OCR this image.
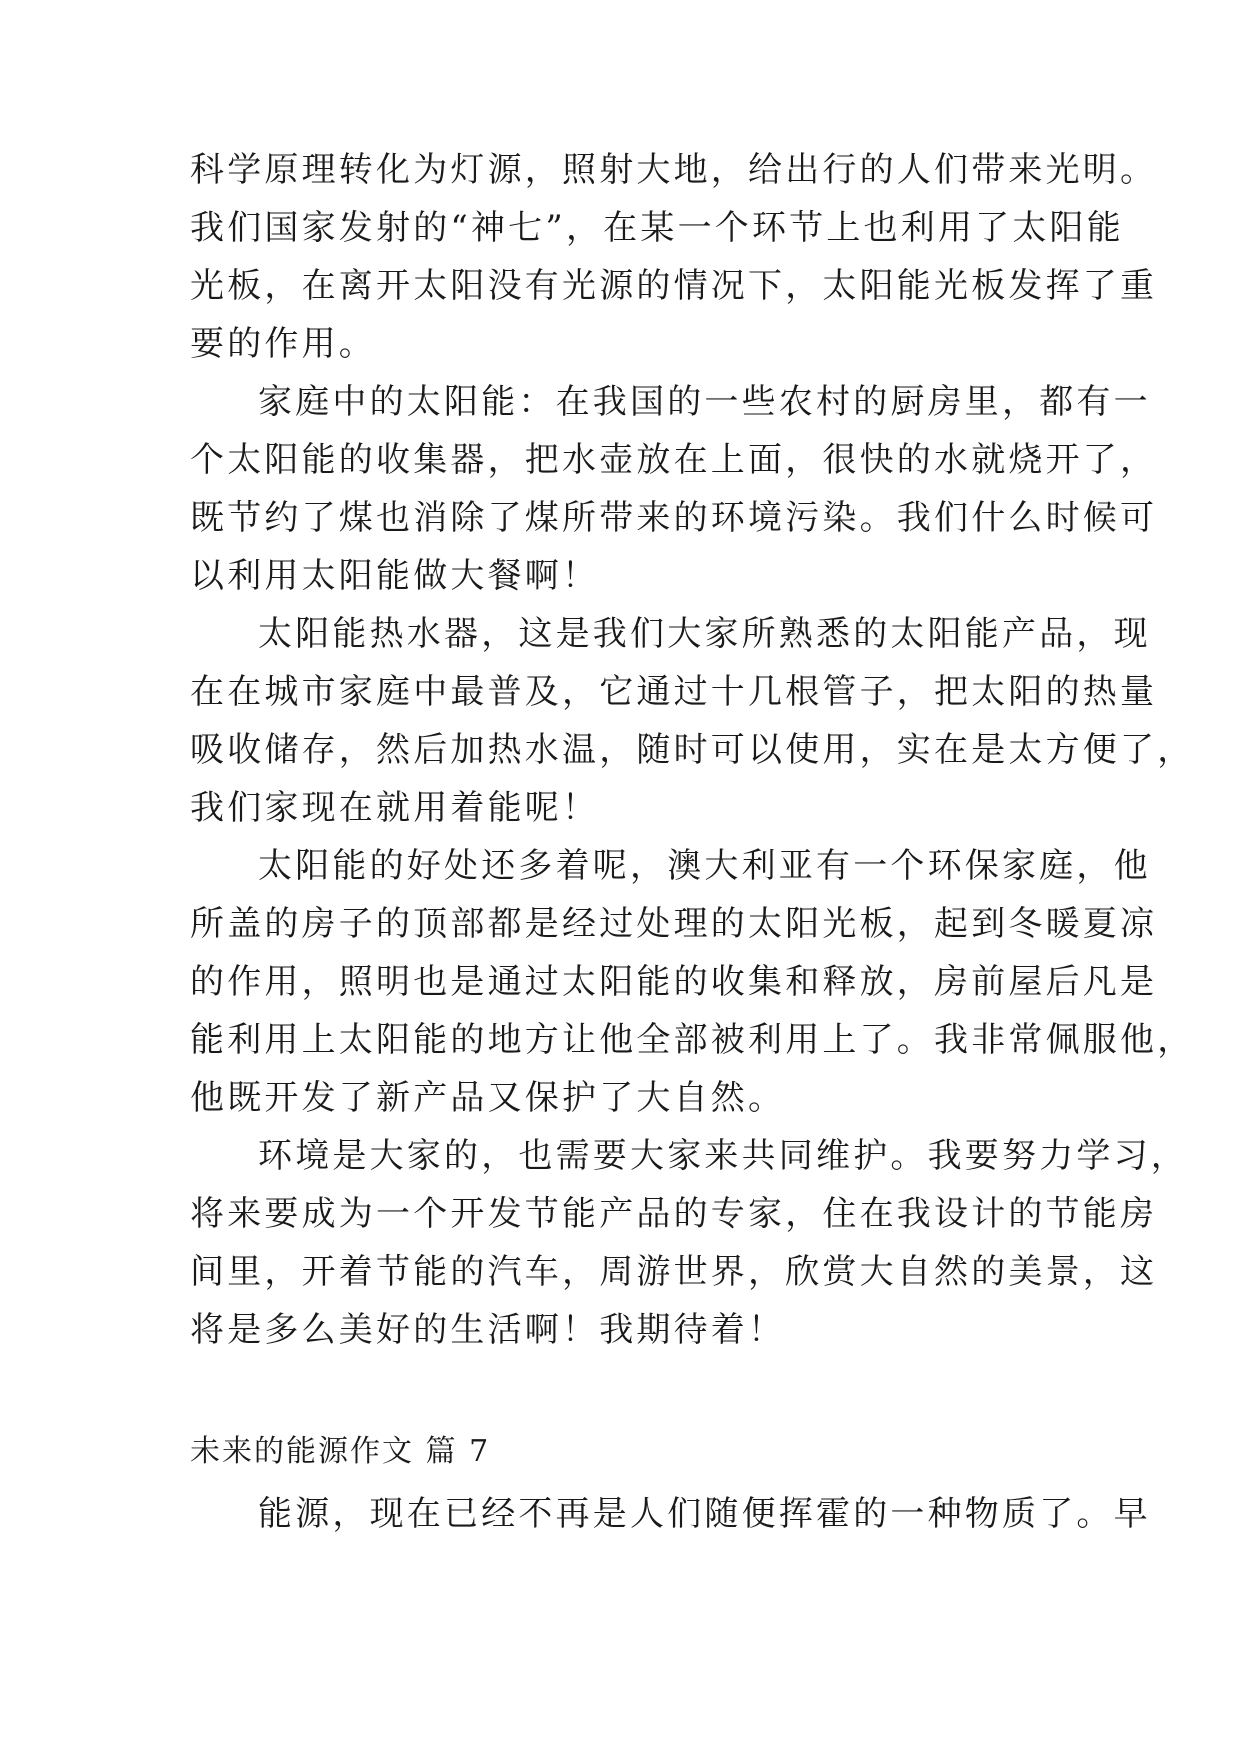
科学原理转化为灯源，照射大地，给出行的人们带来光明。
我们国家发射的“神七”，在某一个环节上也利用了太阳能
光板，在离开太阳没有光源的情况下，太阳能光板发挥了重
要的作用。
家庭中的太阳能：在我国的一些农村的厨房里，都有一
个太阳能的收集器，把水壶放在上面，很快的水就烧开了，
既节约了煤也消除了煤所带来的环境污染。我们什么时候可
以利用太阳能做大餐啊！
太阳能热水器，这是我们大家所熟悉的太阳能产品，现
在在城市家庭中最普及，它通过十几根管子，把太阳的热量
吸收储存，然后加热水温，随时可以使用，实在是太方便了，
我们家现在就用着能呢！
太阳能的好处还多着呢，澳大利亚有一个环保家庭，他
所盖的房子的顶部都是经过处理的太阳光板，起到冬暖夏凉
的作用，照明也是通过太阳能的收集和释放，房前屋后凡是
能利用上太阳能的地方让他全部被利用上了。我非常佩服他，
他既开发了新产品又保护了大自然。
环境是大家的，也需要大家来共同维护。我要努力学习，
将来要成为一个开发节能产品的专家，住在我设计的节能房
间里，开着节能的汽车，周游世界，欣赏大自然的美景，这
将是多么美好的生活啊！我期待着！
未来的能源作文 篇 7
能源，现在已经不再是人们随便挥霍的一种物质了。早
